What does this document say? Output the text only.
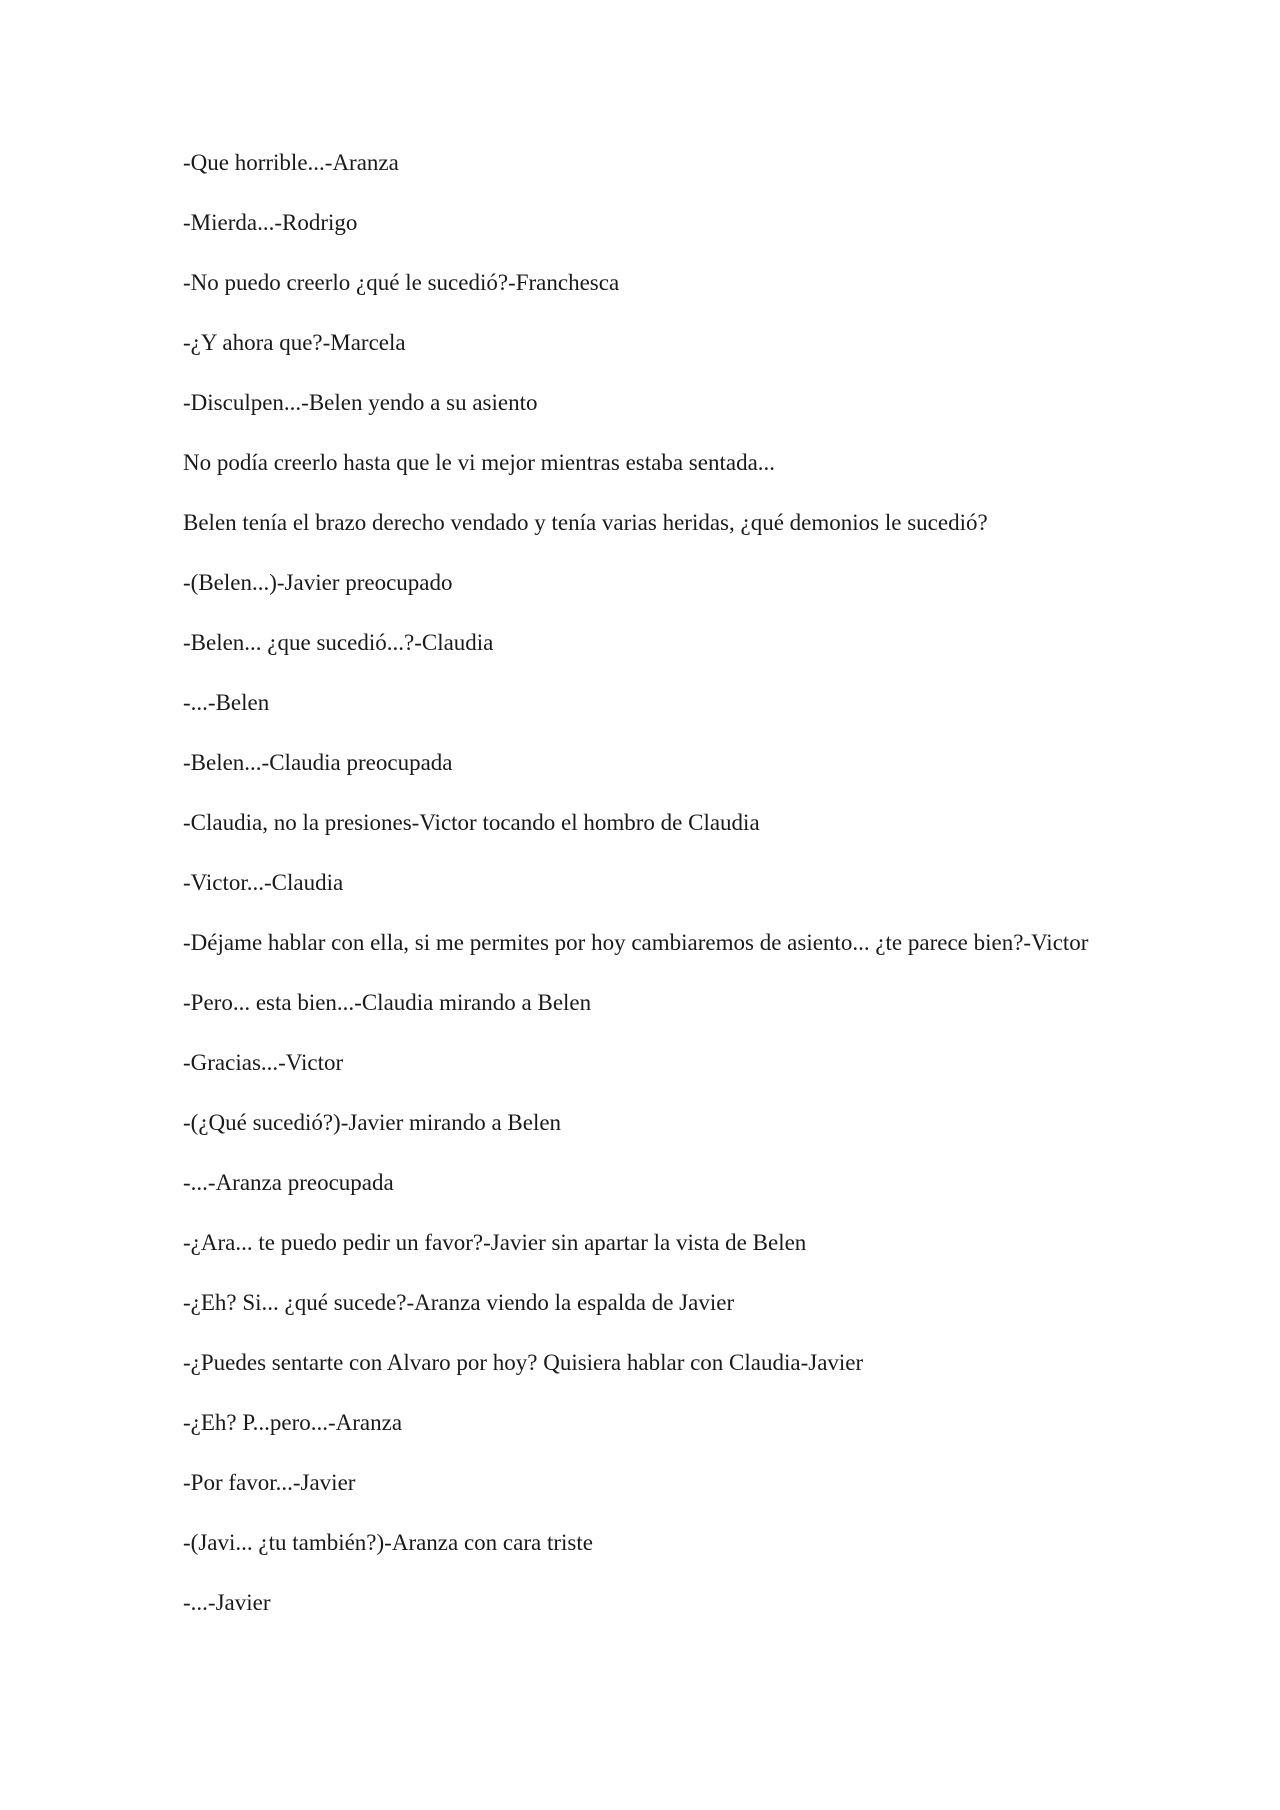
-Que horrible...-Aranza

-Mierda...-Rodrigo

-No puedo creerlo ¿qué le sucedió?-Franchesca

-¿Y ahora que?-Marcela

-Disculpen...-Belen yendo a su asiento

No podía creerlo hasta que le vi mejor mientras estaba sentada...

Belen tenía el brazo derecho vendado y tenía varias heridas, ¿qué demonios le sucedió?

-(Belen...)-Javier preocupado

-Belen... ¿que sucedió...?-Claudia

-...-Belen

-Belen...-Claudia preocupada

-Claudia, no la presiones-Victor tocando el hombro de Claudia

-Victor...-Claudia

-Déjame hablar con ella, si me permites por hoy cambiaremos de asiento... ¿te parece bien?-Victor

-Pero... esta bien...-Claudia mirando a Belen

-Gracias...-Victor

-(¿Qué sucedió?)-Javier mirando a Belen

-...-Aranza preocupada

-¿Ara... te puedo pedir un favor?-Javier sin apartar la vista de Belen

-¿Eh? Si... ¿qué sucede?-Aranza viendo la espalda de Javier

-¿Puedes sentarte con Alvaro por hoy? Quisiera hablar con Claudia-Javier

-¿Eh? P...pero...-Aranza

-Por favor...-Javier

-(Javi... ¿tu también?)-Aranza con cara triste

-...-Javier
